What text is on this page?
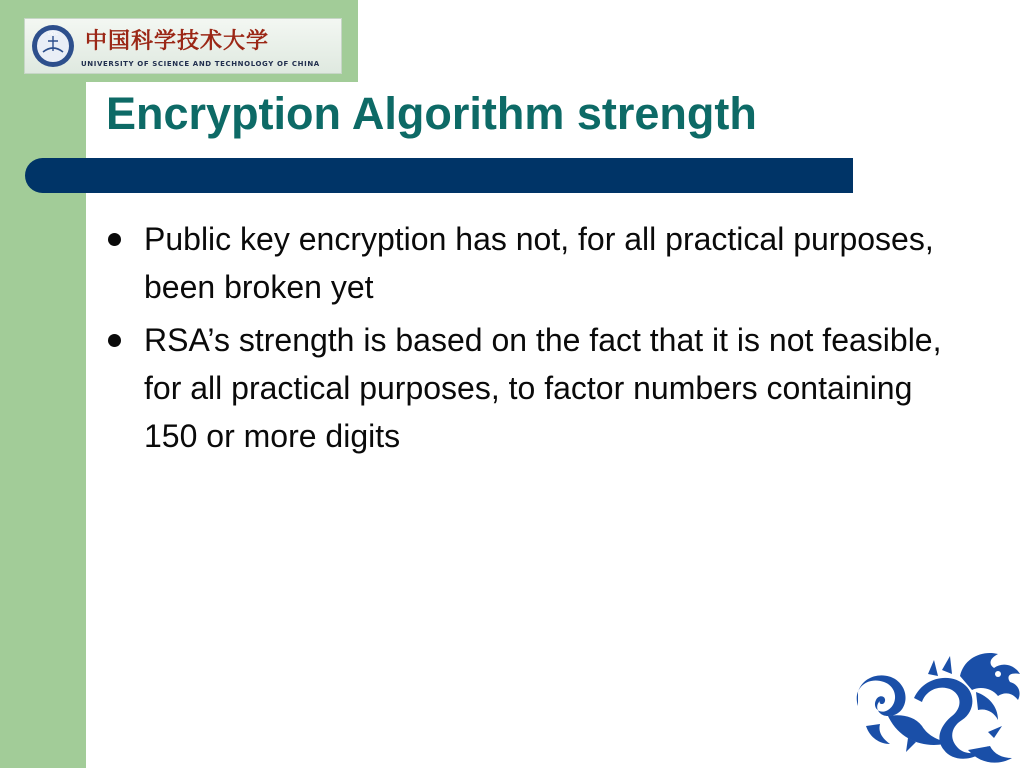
USTC 中国科学技术大学
UNIVERSITY OF SCIENCE AND TECHNOLOGY OF CHINA
Encryption Algorithm strength
Public key encryption has not, for all practical purposes, been broken yet
RSA’s strength is based on the fact that it is not feasible, for all practical purposes, to factor numbers containing 150 or more digits
